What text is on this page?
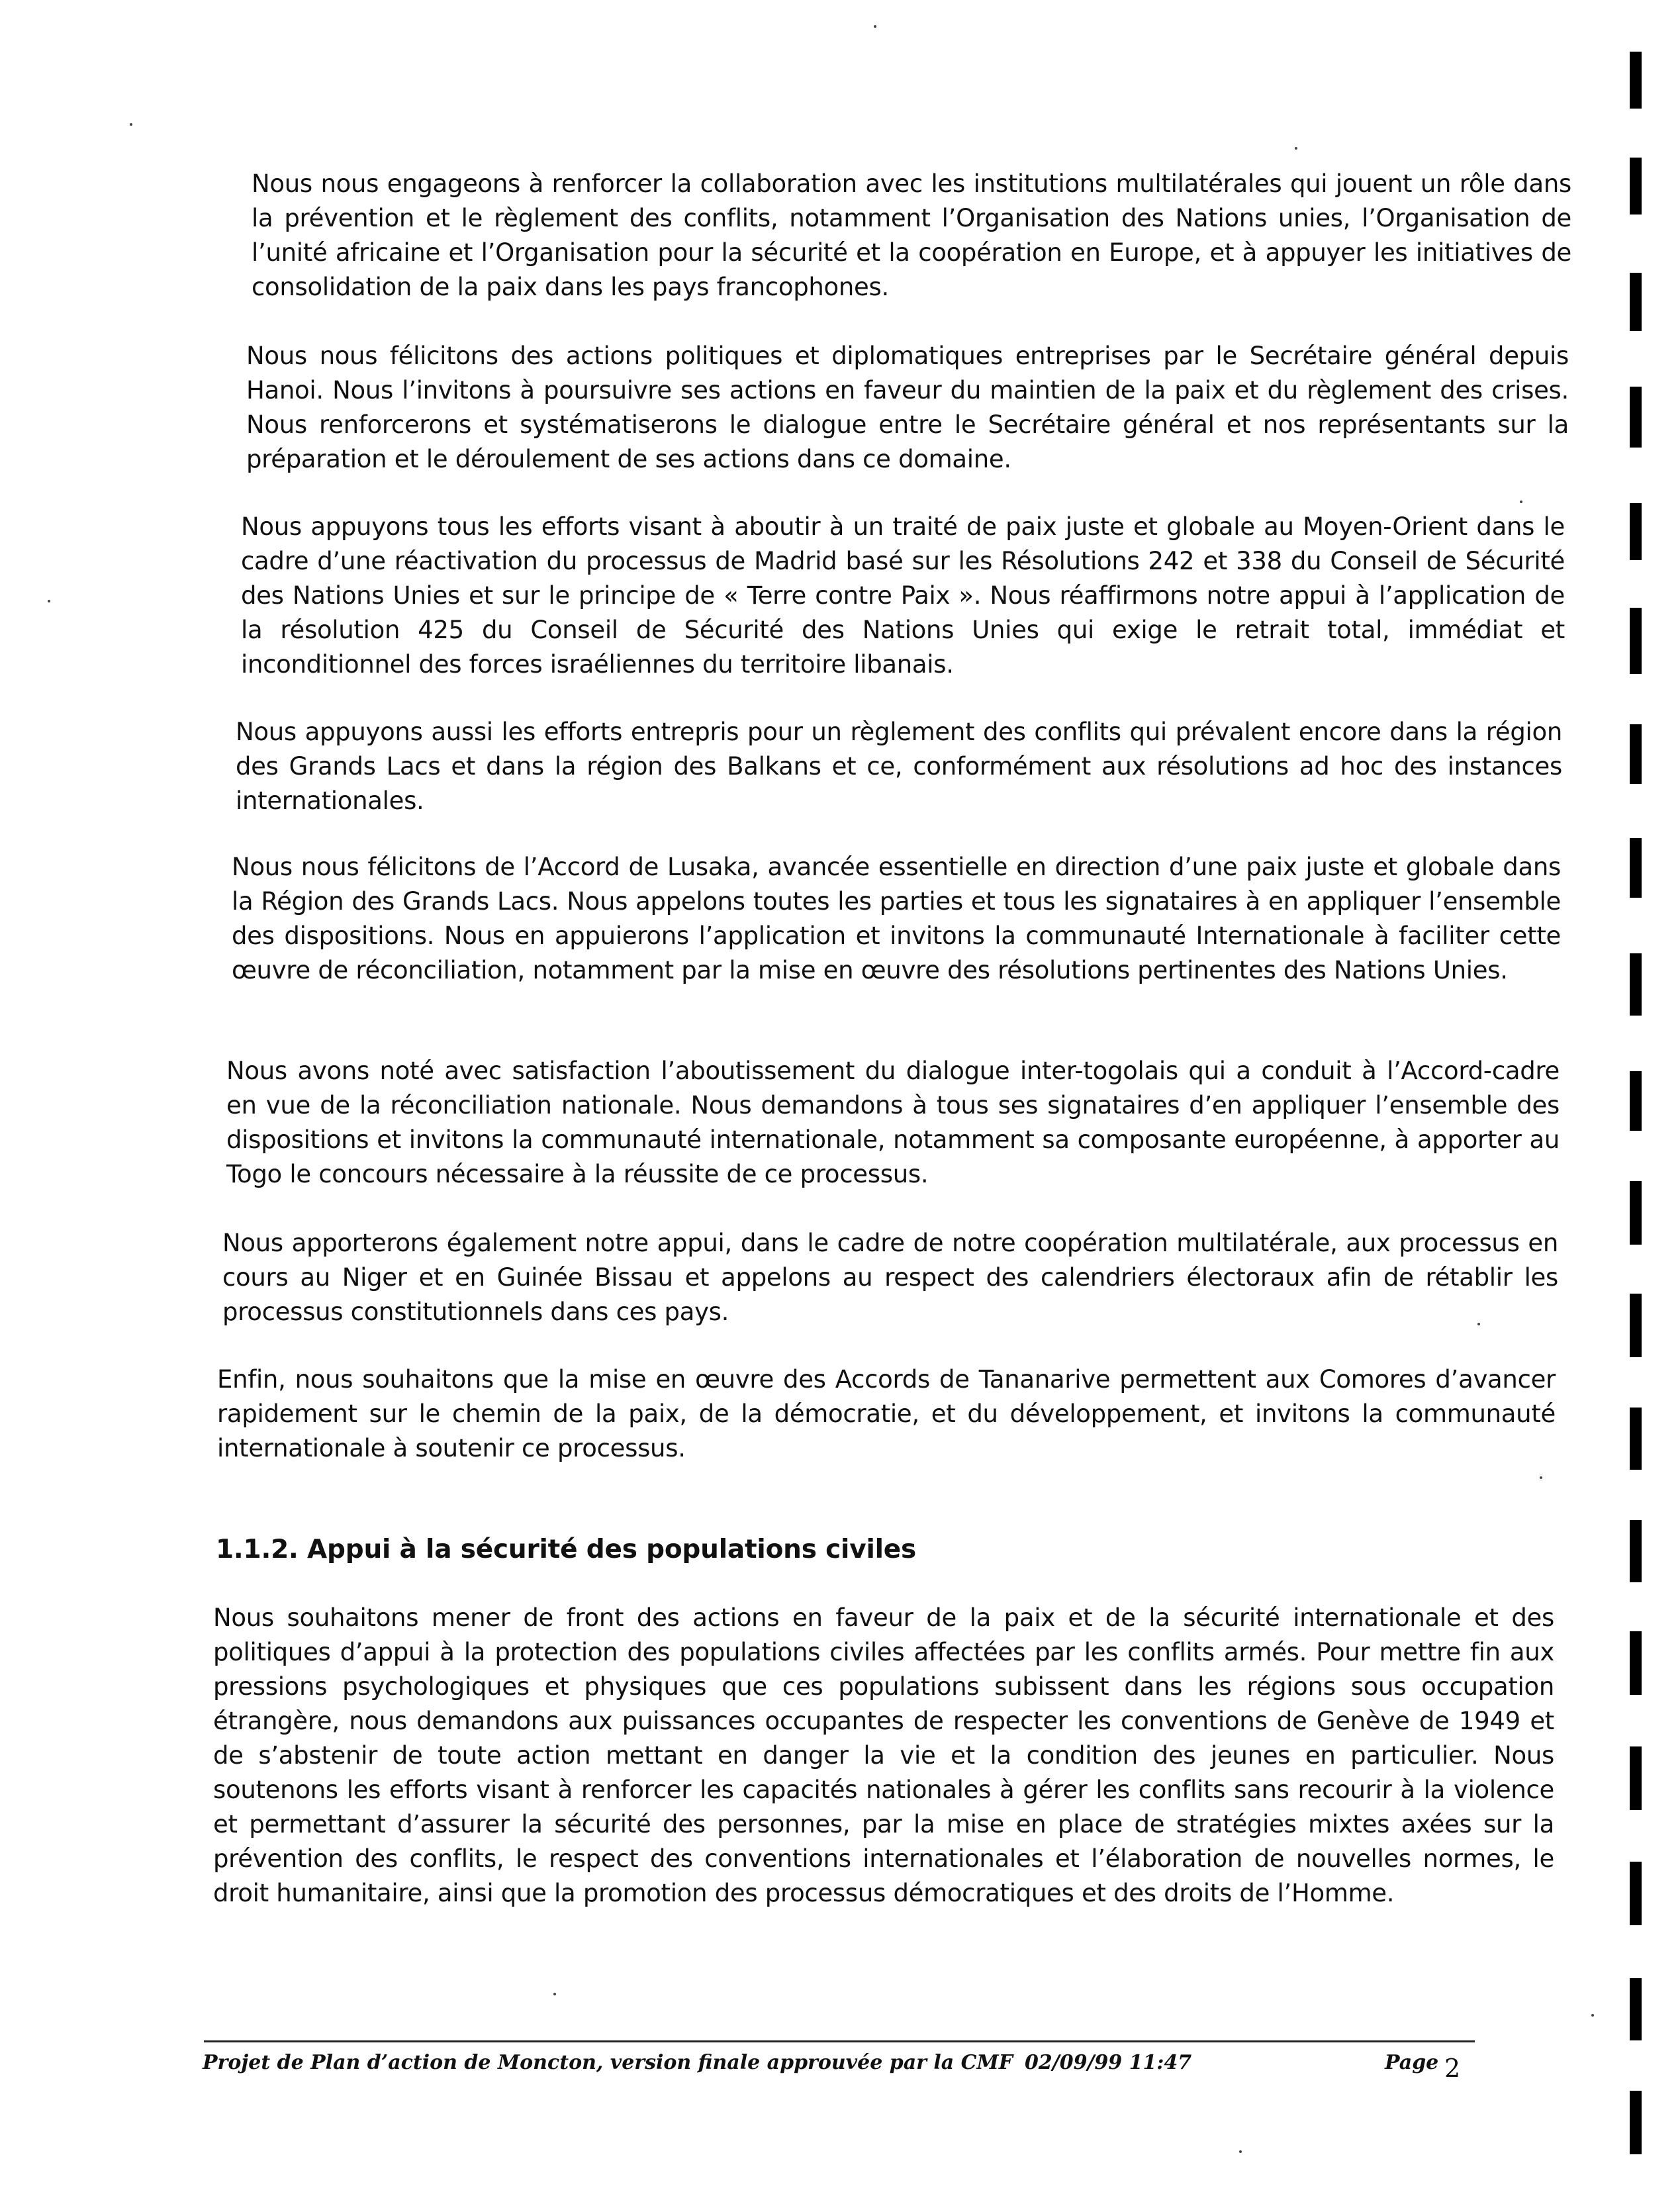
Nous nous engageons à renforcer la collaboration avec les institutions multilatérales qui jouent un rôle dans la prévention et le règlement des conflits, notamment l’Organisation des Nations unies, l’Organisation de l’unité africaine et l’Organisation pour la sécurité et la coopération en Europe, et à appuyer les initiatives de consolidation de la paix dans les pays francophones.

Nous nous félicitons des actions politiques et diplomatiques entreprises par le Secrétaire général depuis Hanoi. Nous l’invitons à poursuivre ses actions en faveur du maintien de la paix et du règlement des crises. Nous renforcerons et systématiserons le dialogue entre le Secrétaire général et nos représentants sur la préparation et le déroulement de ses actions dans ce domaine.

Nous appuyons tous les efforts visant à aboutir à un traité de paix juste et globale au Moyen-Orient dans le cadre d’une réactivation du processus de Madrid basé sur les Résolutions 242 et 338 du Conseil de Sécurité des Nations Unies et sur le principe de « Terre contre Paix ». Nous réaffirmons notre appui à l’application de la résolution 425 du Conseil de Sécurité des Nations Unies qui exige le retrait total, immédiat et inconditionnel des forces israéliennes du territoire libanais.

Nous appuyons aussi les efforts entrepris pour un règlement des conflits qui prévalent encore dans la région des Grands Lacs et dans la région des Balkans et ce, conformément aux résolutions ad hoc des instances internationales.

Nous nous félicitons de l’Accord de Lusaka, avancée essentielle en direction d’une paix juste et globale dans la Région des Grands Lacs. Nous appelons toutes les parties et tous les signataires à en appliquer l’ensemble des dispositions. Nous en appuierons l’application et invitons la communauté Internationale à faciliter cette œuvre de réconciliation, notamment par la mise en œuvre des résolutions pertinentes des Nations Unies.

Nous avons noté avec satisfaction l’aboutissement du dialogue inter-togolais qui a conduit à l’Accord-cadre en vue de la réconciliation nationale. Nous demandons à tous ses signataires d’en appliquer l’ensemble des dispositions et invitons la communauté internationale, notamment sa composante européenne, à apporter au Togo le concours nécessaire à la réussite de ce processus.

Nous apporterons également notre appui, dans le cadre de notre coopération multilatérale, aux processus en cours au Niger et en Guinée Bissau et appelons au respect des calendriers électoraux afin de rétablir les processus constitutionnels dans ces pays.

Enfin, nous souhaitons que la mise en œuvre des Accords de Tananarive permettent aux Comores d’avancer rapidement sur le chemin de la paix, de la démocratie, et du développement, et invitons la communauté internationale à soutenir ce processus.

1.1.2. Appui à la sécurité des populations civiles

Nous souhaitons mener de front des actions en faveur de la paix et de la sécurité internationale et des politiques d’appui à la protection des populations civiles affectées par les conflits armés. Pour mettre fin aux pressions psychologiques et physiques que ces populations subissent dans les régions sous occupation étrangère, nous demandons aux puissances occupantes de respecter les conventions de Genève de 1949 et de s’abstenir de toute action mettant en danger la vie et la condition des jeunes en particulier. Nous soutenons les efforts visant à renforcer les capacités nationales à gérer les conflits sans recourir à la violence et permettant d’assurer la sécurité des personnes, par la mise en place de stratégies mixtes axées sur la prévention des conflits, le respect des conventions internationales et l’élaboration de nouvelles normes, le droit humanitaire, ainsi que la promotion des processus démocratiques et des droits de l’Homme.

Projet de Plan d’action de Moncton, version finale approuvée par la CMF 02/09/99 11:47	Page 2
